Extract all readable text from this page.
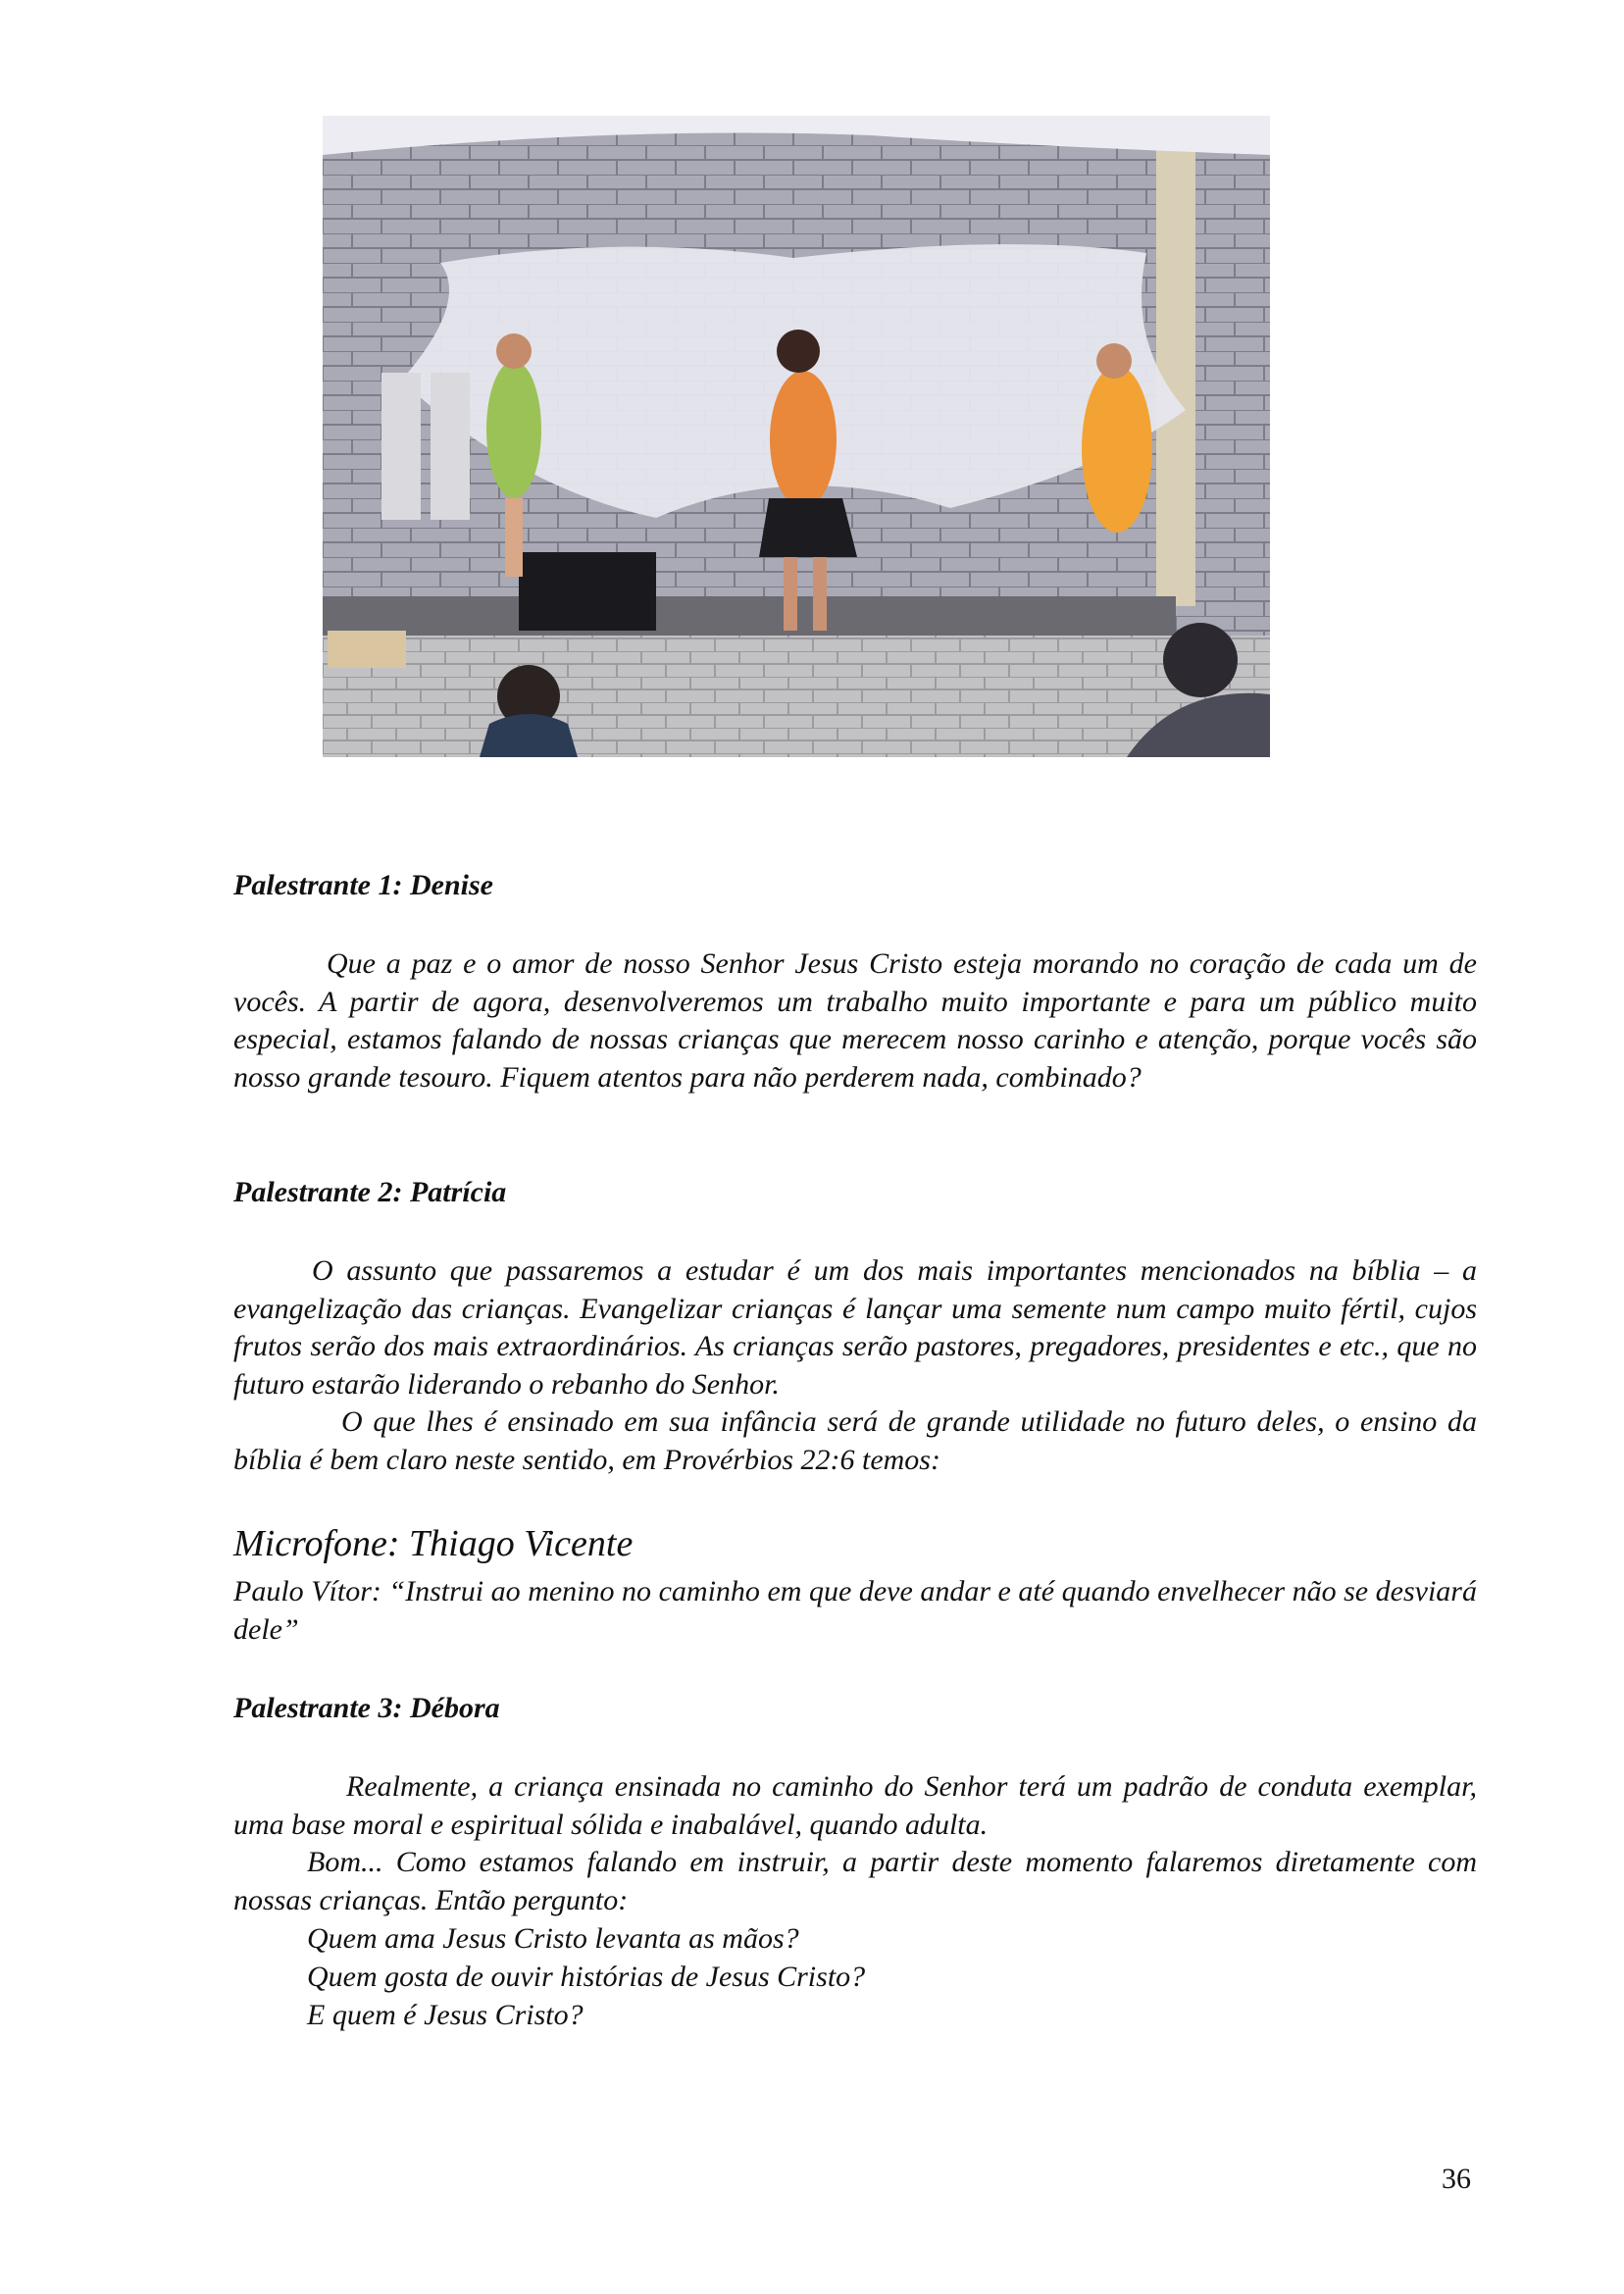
Palestrante 1: Denise

Que a paz e o amor de nosso Senhor Jesus Cristo esteja morando no coração de cada um de vocês. A partir de agora, desenvolveremos um trabalho muito importante e para um público muito especial, estamos falando de nossas crianças que merecem nosso carinho e atenção, porque vocês são nosso grande tesouro. Fiquem atentos para não perderem nada, combinado?

Palestrante 2: Patrícia

O assunto que passaremos a estudar é um dos mais importantes mencionados na bíblia – a evangelização das crianças. Evangelizar crianças é lançar uma semente num campo muito fértil, cujos frutos serão dos mais extraordinários. As crianças serão pastores, pregadores, presidentes e etc., que no futuro estarão liderando o rebanho do Senhor.

O que lhes é ensinado em sua infância será de grande utilidade no futuro deles, o ensino da bíblia é bem claro neste sentido, em Provérbios 22:6 temos:

Microfone: Thiago Vicente

Paulo Vítor: “Instrui ao menino no caminho em que deve andar e até quando envelhecer não se desviará dele”

Palestrante 3: Débora

Realmente, a criança ensinada no caminho do Senhor terá um padrão de conduta exemplar, uma base moral e espiritual sólida e inabalável, quando adulta.

Bom... Como estamos falando em instruir, a partir deste momento falaremos diretamente com nossas crianças. Então pergunto:

Quem ama Jesus Cristo levanta as mãos?
Quem gosta de ouvir histórias de Jesus Cristo?
E quem é Jesus Cristo?
36
